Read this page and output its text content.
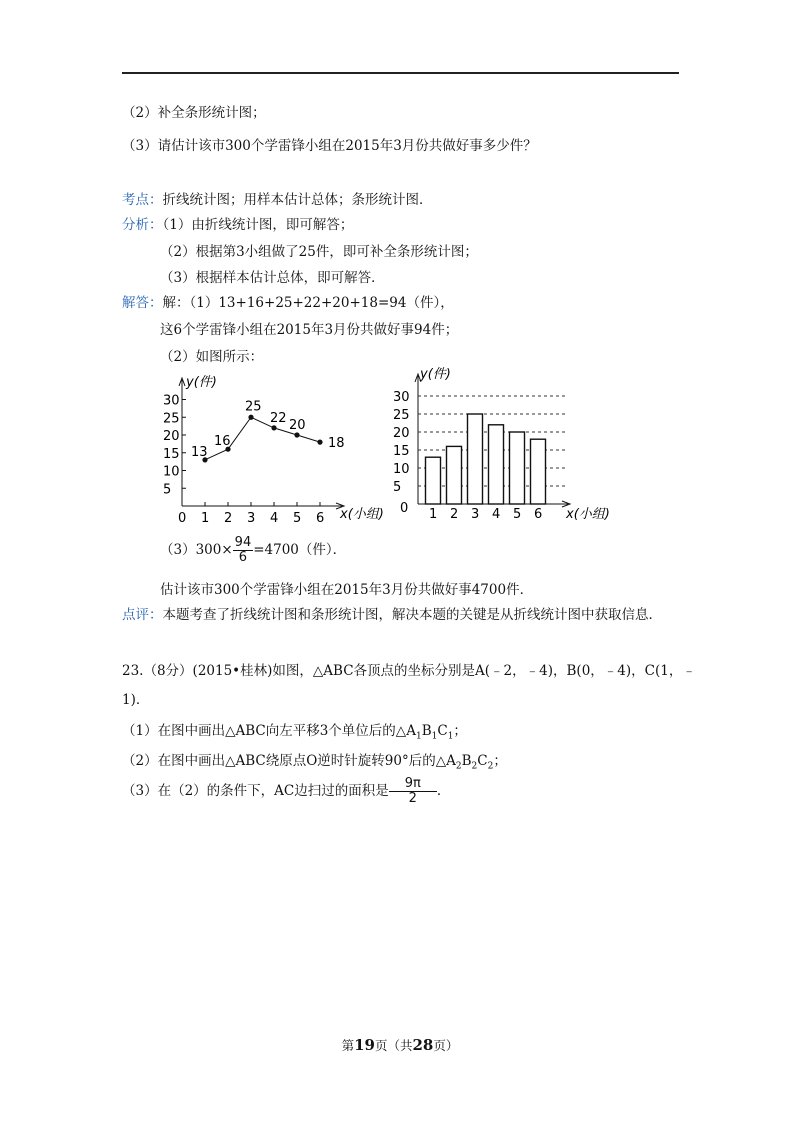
（2）补全条形统计图；
（3）请估计该市300个学雷锋小组在2015年3月份共做好事多少件？
考点：折线统计图；用样本估计总体；条形统计图．
分析：（1）由折线统计图，即可解答；
（2）根据第3小组做了25件，即可补全条形统计图；
（3）根据样本估计总体，即可解答．
解答：解：（1）13+16+25+22+20+18=94（件），
这6个学雷锋小组在2015年3月份共做好事94件；
（2）如图所示：
30
25
20
15
10
5
0 1 2 3 4 5 6
y(件)
x(小组)
13
16
25
22 20
18
30
25
20
15
10
5
0
y(件)
x(小组)
1 2 3 4 5 6
$(3)300\times \frac{94}{6} =4700$（件）．
估计该市300个学雷锋小组在2015年3月份共做好事4700件．
点评：本题考查了折线统计图和条形统计图，解决本题的关键是从折线统计图中获取信息．
23.（8分）(2015•桂林)如图，△ABC各顶点的坐标分别是A(﹣2，﹣4)，B(0，﹣4)，C(1，﹣
1)．
（1）在图中画出△ABC向左平移3个单位后的$\triangle A_1B_1C_1$；
（2）在图中画出△ABC绕原点O逆时针旋转90°后的$\triangle A_2B_2C_2$；
（3）在（2）的条件下，AC边扫过的面积是 $\frac{9\pi}{2}$ ．
第19页（共28页）
